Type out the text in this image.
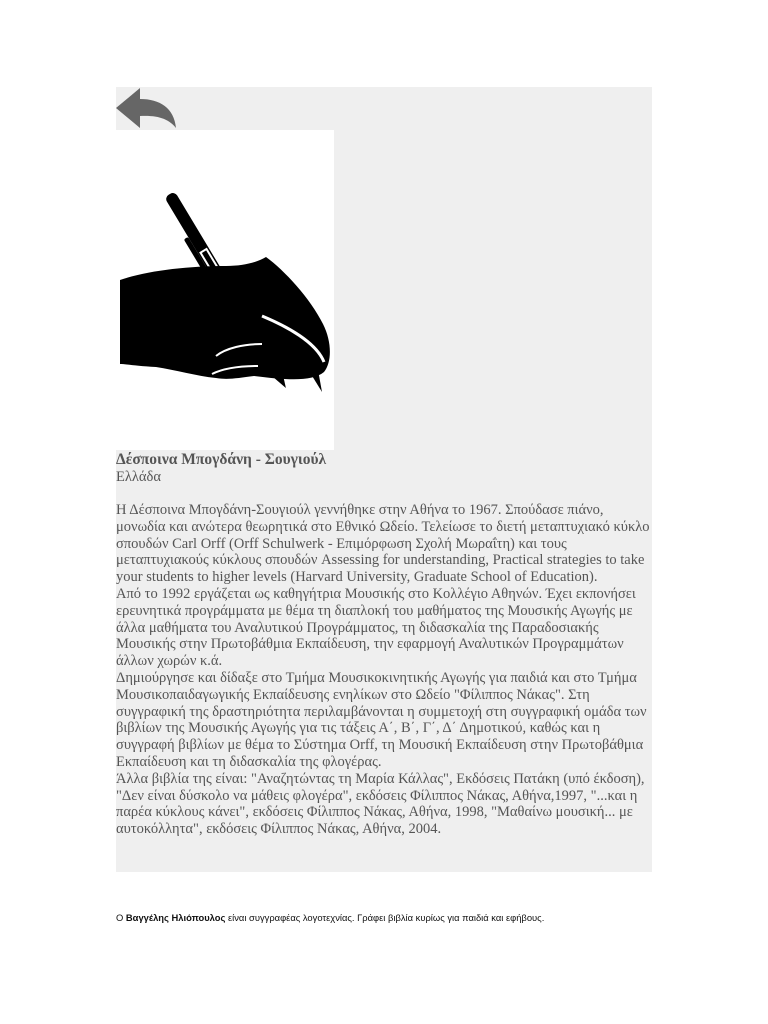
Δέσποινα Μπογδάνη - Σουγιούλ
Ελλάδα

Η Δέσποινα Μπογδάνη-Σουγιούλ γεννήθηκε στην Αθήνα το 1967. Σπούδασε πιάνο, μονωδία και ανώτερα θεωρητικά στο Εθνικό Ωδείο. Τελείωσε το διετή μεταπτυχιακό κύκλο σπουδών Carl Orff (Orff Schulwerk - Επιμόρφωση Σχολή Μωραΐτη) και τους μεταπτυχιακούς κύκλους σπουδών Assessing for understanding, Practical strategies to take your students to higher levels (Harvard University, Graduate School of Education).

Από το 1992 εργάζεται ως καθηγήτρια Μουσικής στο Κολλέγιο Αθηνών. Έχει εκπονήσει ερευνητικά προγράμματα με θέμα τη διαπλοκή του μαθήματος της Μουσικής Αγωγής με άλλα μαθήματα του Αναλυτικού Προγράμματος, τη διδασκαλία της Παραδοσιακής Μουσικής στην Πρωτοβάθμια Εκπαίδευση, την εφαρμογή Αναλυτικών Προγραμμάτων άλλων χωρών κ.ά.

Δημιούργησε και δίδαξε στο Τμήμα Μουσικοκινητικής Αγωγής για παιδιά και στο Τμήμα Μουσικοπαιδαγωγικής Εκπαίδευσης ενηλίκων στο Ωδείο "Φίλιππος Νάκας". Στη συγγραφική της δραστηριότητα περιλαμβάνονται η συμμετοχή στη συγγραφική ομάδα των βιβλίων της Μουσικής Αγωγής για τις τάξεις Α΄, Β΄, Γ΄, Δ΄ Δημοτικού, καθώς και η συγγραφή βιβλίων με θέμα το Σύστημα Orff, τη Μουσική Εκπαίδευση στην Πρωτοβάθμια Εκπαίδευση και τη διδασκαλία της φλογέρας.

Άλλα βιβλία της είναι: "Αναζητώντας τη Μαρία Κάλλας", Εκδόσεις Πατάκη (υπό έκδοση), "Δεν είναι δύσκολο να μάθεις φλογέρα", εκδόσεις Φίλιππος Νάκας, Αθήνα,1997, "...και η παρέα κύκλους κάνει", εκδόσεις Φίλιππος Νάκας, Αθήνα, 1998, "Μαθαίνω μουσική... με αυτοκόλλητα", εκδόσεις Φίλιππος Νάκας, Αθήνα, 2004.

Ο Βαγγέλης Ηλιόπουλος είναι συγγραφέας λογοτεχνίας. Γράφει βιβλία κυρίως για παιδιά και εφήβους.
